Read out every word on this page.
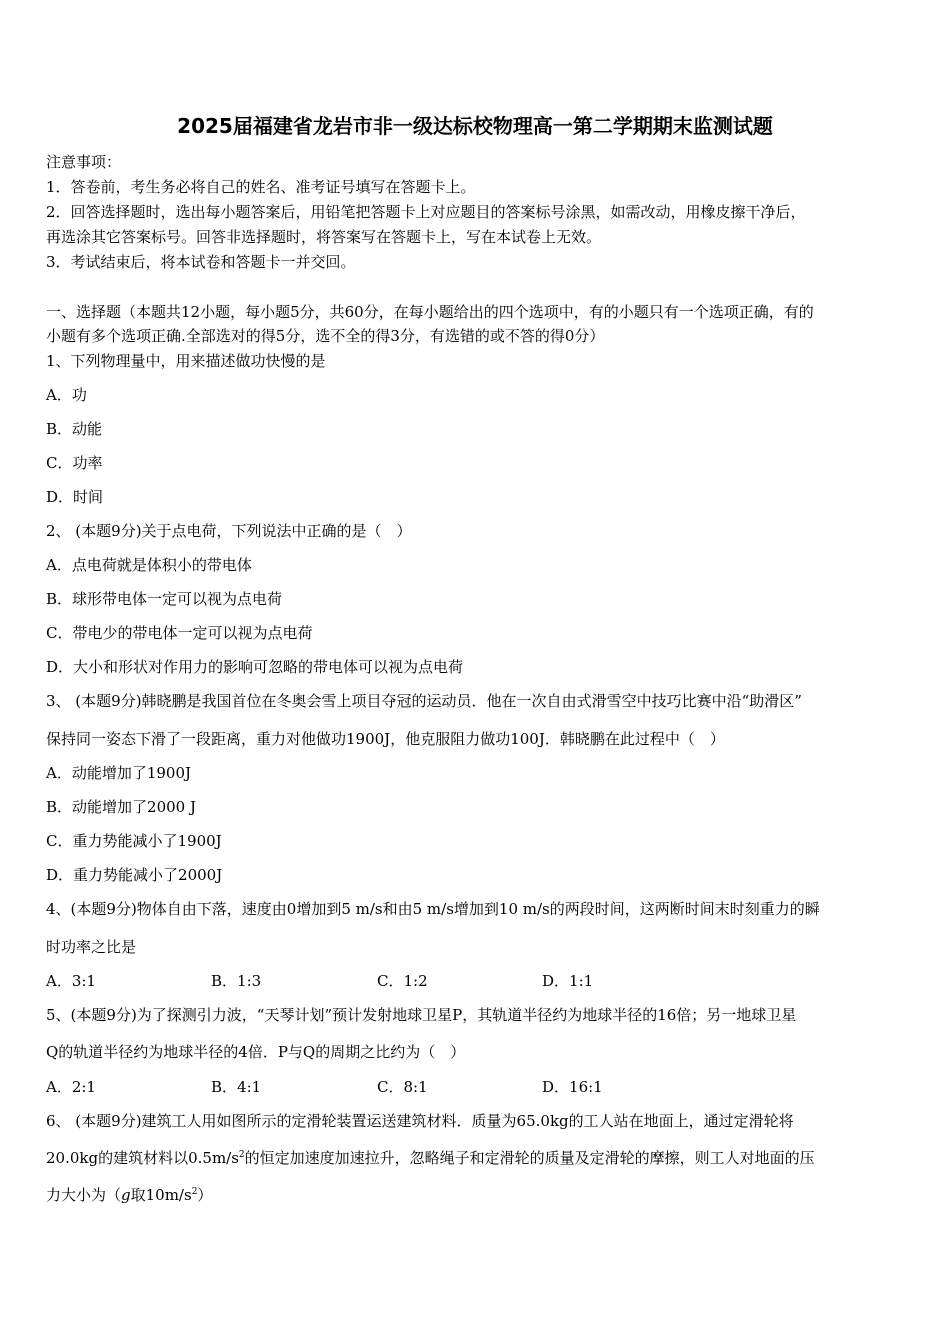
2025届福建省龙岩市非一级达标校物理高一第二学期期末监测试题
注意事项：
1．答卷前，考生务必将自己的姓名、准考证号填写在答题卡上。
2．回答选择题时，选出每小题答案后，用铅笔把答题卡上对应题目的答案标号涂黑，如需改动，用橡皮擦干净后，
再选涂其它答案标号。回答非选择题时，将答案写在答题卡上，写在本试卷上无效。
3．考试结束后，将本试卷和答题卡一并交回。
一、选择题（本题共12小题，每小题5分，共60分，在每小题给出的四个选项中，有的小题只有一个选项正确，有的
小题有多个选项正确.全部选对的得5分，选不全的得3分，有选错的或不答的得0分）
1、下列物理量中，用来描述做功快慢的是
A．功
B．动能
C．功率
D．时间
2、 (本题9分)关于点电荷，下列说法中正确的是（　）
A．点电荷就是体积小的带电体
B．球形带电体一定可以视为点电荷
C．带电少的带电体一定可以视为点电荷
D．大小和形状对作用力的影响可忽略的带电体可以视为点电荷
3、 (本题9分)韩晓鹏是我国首位在冬奥会雪上项目夺冠的运动员．他在一次自由式滑雪空中技巧比赛中沿“助滑区”
保持同一姿态下滑了一段距离，重力对他做功1900J，他克服阻力做功100J．韩晓鹏在此过程中（　）
A．动能增加了1900J
B．动能增加了2000 J
C．重力势能减小了1900J
D．重力势能减小了2000J
4、(本题9分)物体自由下落，速度由0增加到5 m/s和由5 m/s增加到10 m/s的两段时间，这两断时间末时刻重力的瞬
时功率之比是
A．3:1	B．1:3	C．1:2	D．1:1
5、(本题9分)为了探测引力波，“天琴计划”预计发射地球卫星P，其轨道半径约为地球半径的16倍；另一地球卫星
Q的轨道半径约为地球半径的4倍．P与Q的周期之比约为（　）
A．2:1	B．4:1	C．8:1	D．16:1
6、 (本题9分)建筑工人用如图所示的定滑轮装置运送建筑材料．质量为65.0kg的工人站在地面上，通过定滑轮将
20.0kg的建筑材料以$0.5m/s^2$的恒定加速度加速拉升，忽略绳子和定滑轮的质量及定滑轮的摩擦，则工人对地面的压
力大小为（g取$10m/s^2$）
